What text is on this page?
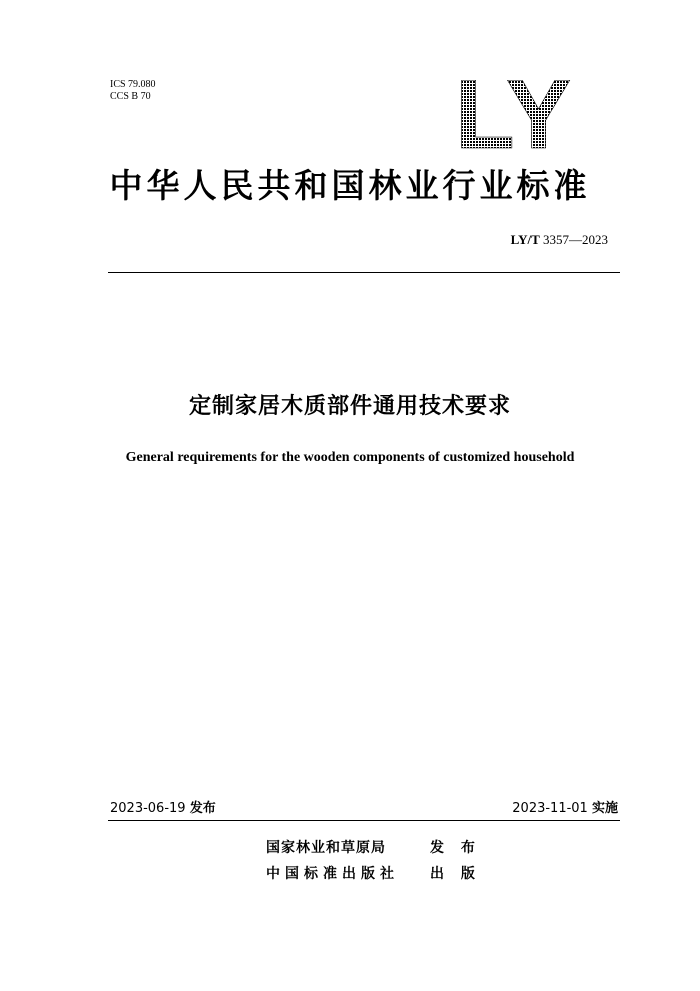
ICS 79.080
CCS B 70	LY
中华人民共和国林业行业标准
LY/T 3357—2023
定制家居木质部件通用技术要求
General requirements for the wooden components of customized household
2023-06-19 发布	2023-11-01 实施
国家林业和草原局	发 布
中国标准出版社 出 版
